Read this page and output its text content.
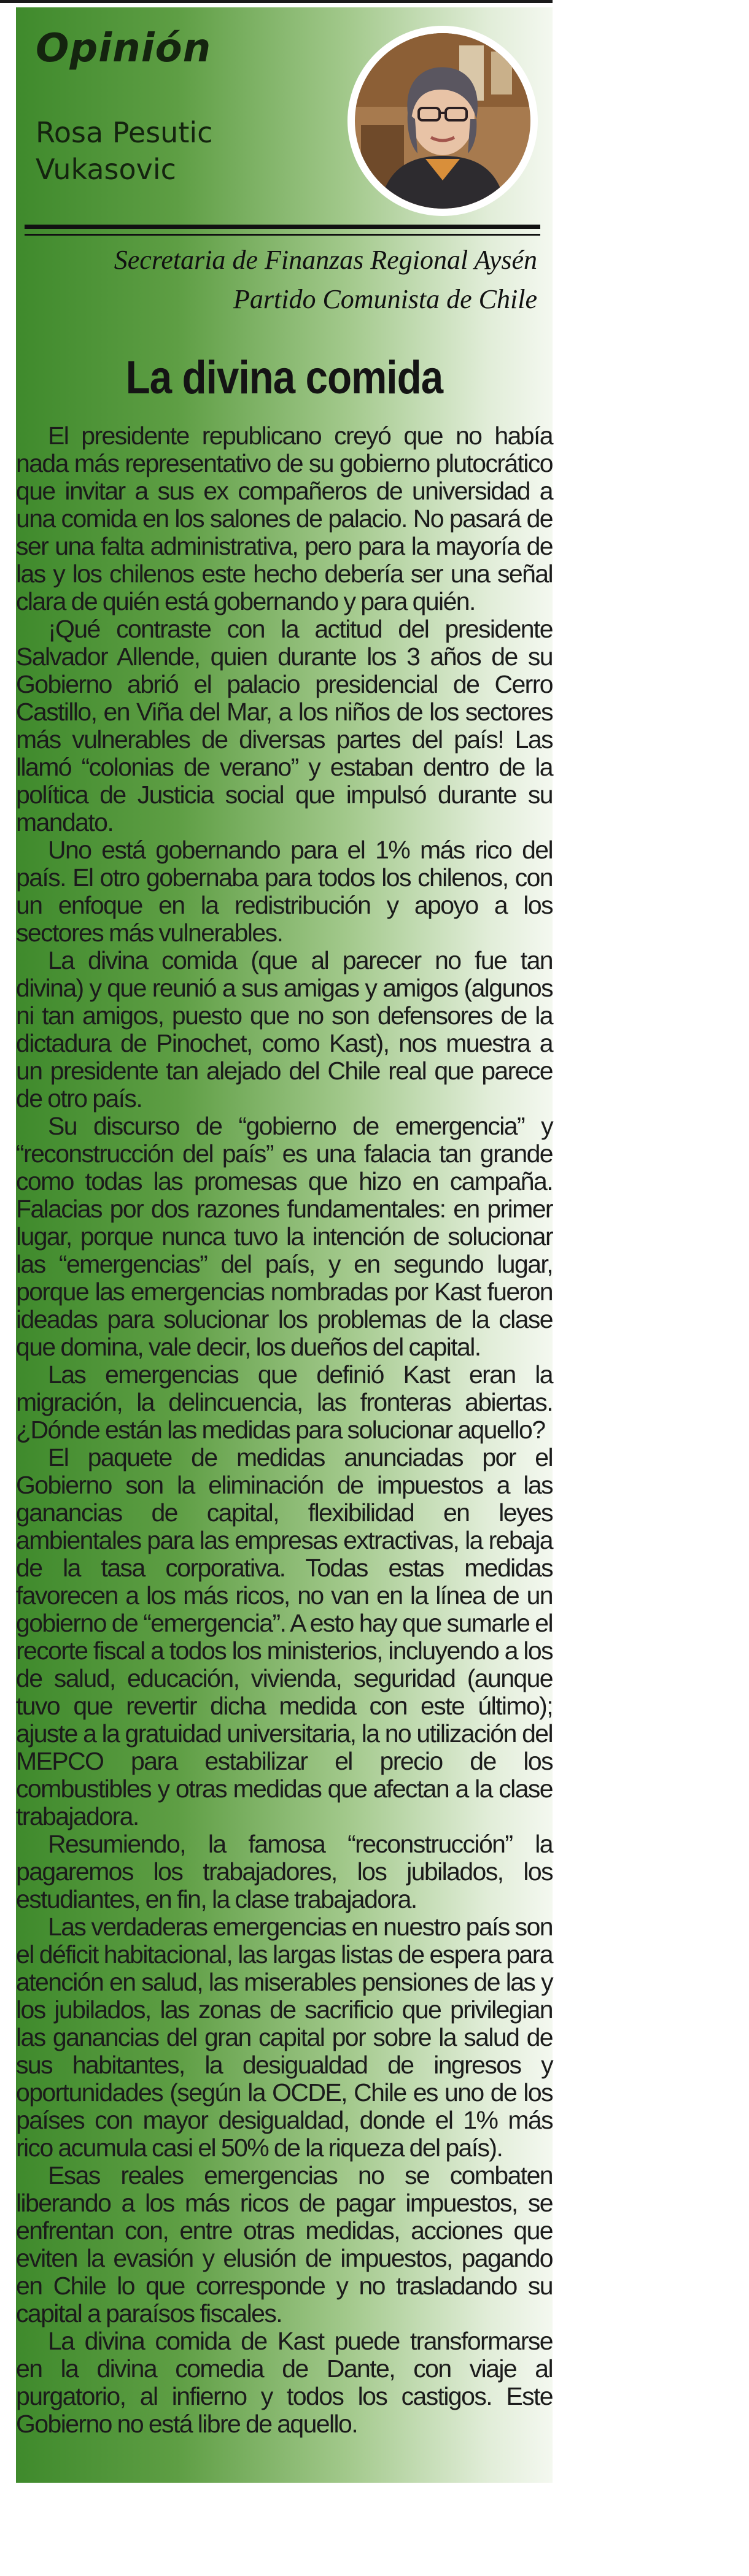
Opinión
Rosa Pesutic
Vukasovic
Secretaria de Finanzas Regional Aysén
Partido Comunista de Chile
La divina comida

El presidente republicano creyó que no había nada más representativo de su gobierno plutocrático que invitar a sus ex compañeros de universidad a una comida en los salones de palacio. No pasará de ser una falta administrativa, pero para la mayoría de las y los chilenos este hecho debería ser una señal clara de quién está gobernando y para quién.

¡Qué contraste con la actitud del presidente Salvador Allende, quien durante los 3 años de su Gobierno abrió el palacio presidencial de Cerro Castillo, en Viña del Mar, a los niños de los sectores más vulnerables de diversas partes del país! Las llamó “colonias de verano” y estaban dentro de la política de Justicia social que impulsó durante su mandato.

Uno está gobernando para el 1% más rico del país. El otro gobernaba para todos los chilenos, con un enfoque en la redistribución y apoyo a los sectores más vulnerables.

La divina comida (que al parecer no fue tan divina) y que reunió a sus amigas y amigos (algunos ni tan amigos, puesto que no son defensores de la dictadura de Pinochet, como Kast), nos muestra a un presidente tan alejado del Chile real que parece de otro país.

Su discurso de “gobierno de emergencia” y “reconstrucción del país” es una falacia tan grande como todas las promesas que hizo en campaña. Falacias por dos razones fundamentales: en primer lugar, porque nunca tuvo la intención de solucionar las “emergencias” del país, y en segundo lugar, porque las emergencias nombradas por Kast fueron ideadas para solucionar los problemas de la clase que domina, vale decir, los dueños del capital.

Las emergencias que definió Kast eran la migración, la delincuencia, las fronteras abiertas. ¿Dónde están las medidas para solucionar aquello?

El paquete de medidas anunciadas por el Gobierno son la eliminación de impuestos a las ganancias de capital, flexibilidad en leyes ambientales para las empresas extractivas, la rebaja de la tasa corporativa. Todas estas medidas favorecen a los más ricos, no van en la línea de un gobierno de “emergencia”. A esto hay que sumarle el recorte fiscal a todos los ministerios, incluyendo a los de salud, educación, vivienda, seguridad (aunque tuvo que revertir dicha medida con este último); ajuste a la gratuidad universitaria, la no utilización del MEPCO para estabilizar el precio de los combustibles y otras medidas que afectan a la clase trabajadora.

Resumiendo, la famosa “reconstrucción” la pagaremos los trabajadores, los jubilados, los estudiantes, en fin, la clase trabajadora.

Las verdaderas emergencias en nuestro país son el déficit habitacional, las largas listas de espera para atención en salud, las miserables pensiones de las y los jubilados, las zonas de sacrificio que privilegian las ganancias del gran capital por sobre la salud de sus habitantes, la desigualdad de ingresos y oportunidades (según la OCDE, Chile es uno de los países con mayor desigualdad, donde el 1% más rico acumula casi el 50% de la riqueza del país).

Esas reales emergencias no se combaten liberando a los más ricos de pagar impuestos, se enfrentan con, entre otras medidas, acciones que eviten la evasión y elusión de impuestos, pagando en Chile lo que corresponde y no trasladando su capital a paraísos fiscales.

La divina comida de Kast puede transformarse en la divina comedia de Dante, con viaje al purgatorio, al infierno y todos los castigos. Este Gobierno no está libre de aquello.
